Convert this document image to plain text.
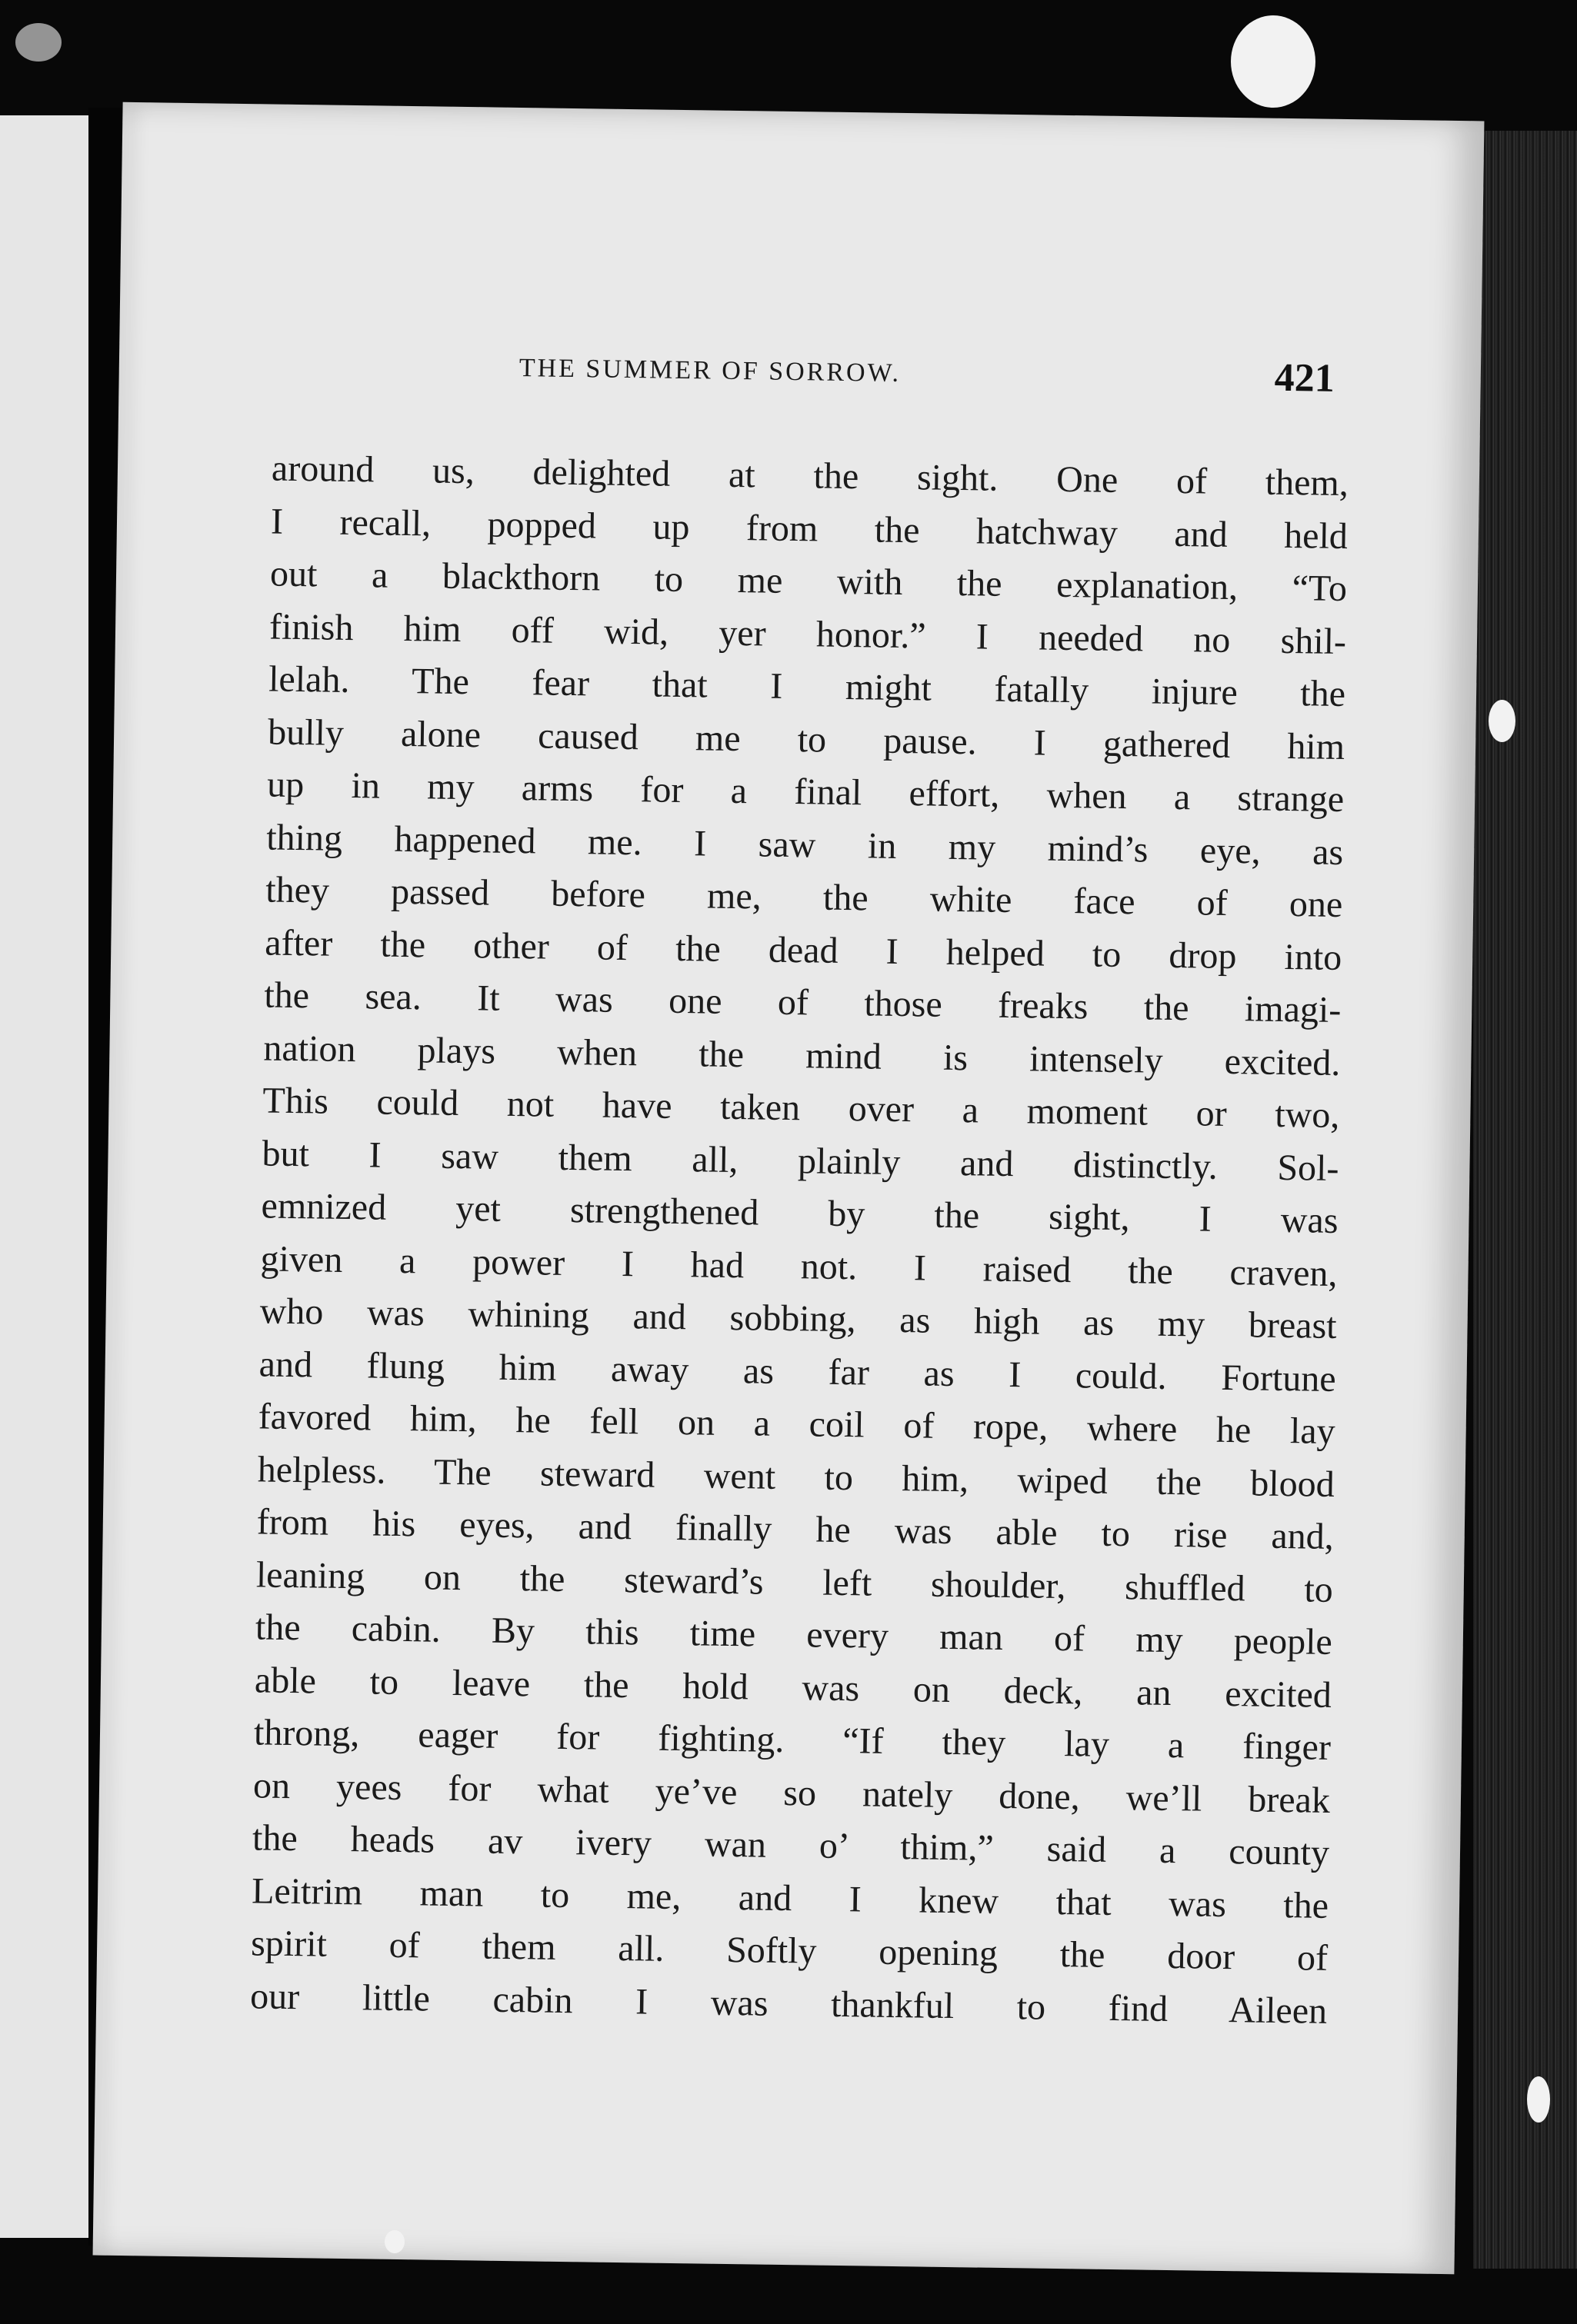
THE SUMMER OF SORROW.	421
around us, delighted at the sight. One of them,
I recall, popped up from the hatchway and held
out a blackthorn to me with the explanation, “To
finish him off wid, yer honor.” I needed no shil-
lelah. The fear that I might fatally injure the
bully alone caused me to pause. I gathered him
up in my arms for a final effort, when a strange
thing happened me. I saw in my mind’s eye, as
they passed before me, the white face of one
after the other of the dead I helped to drop into
the sea. It was one of those freaks the imagi-
nation plays when the mind is intensely excited.
This could not have taken over a moment or two,
but I saw them all, plainly and distinctly. Sol-
emnized yet strengthened by the sight, I was
given a power I had not. I raised the craven,
who was whining and sobbing, as high as my breast
and flung him away as far as I could. Fortune
favored him, he fell on a coil of rope, where he lay
helpless. The steward went to him, wiped the blood
from his eyes, and finally he was able to rise and,
leaning on the steward’s left shoulder, shuffled to
the cabin. By this time every man of my people
able to leave the hold was on deck, an excited
throng, eager for fighting. “If they lay a finger
on yees for what ye’ve so nately done, we’ll break
the heads av ivery wan o’ thim,” said a county
Leitrim man to me, and I knew that was the
spirit of them all. Softly opening the door of
our little cabin I was thankful to find Aileen
